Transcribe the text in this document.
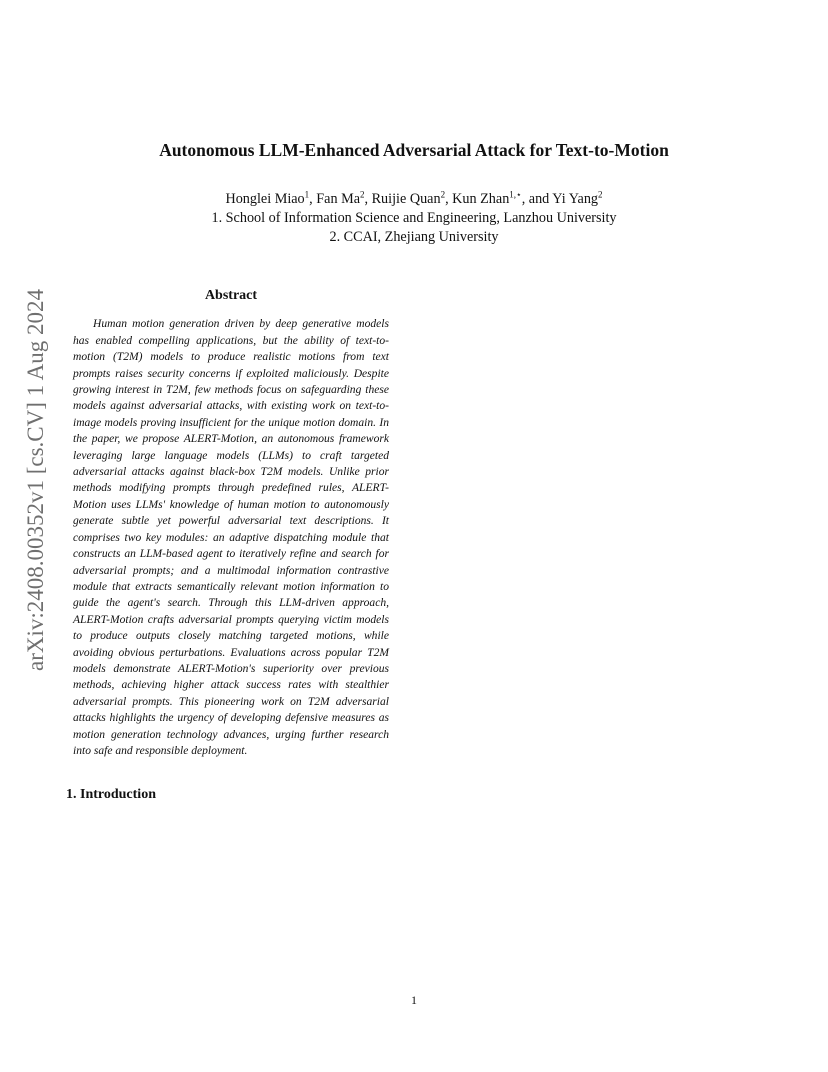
Autonomous LLM-Enhanced Adversarial Attack for Text-to-Motion
Honglei Miao$^1$, Fan Ma$^2$, Ruijie Quan$^2$, Kun Zhan$^{1,⋆}$, and Yi Yang$^2$
1. School of Information Science and Engineering, Lanzhou University
2. CCAI, Zhejiang University
arXiv:2408.00352v1 [cs.CV] 1 Aug 2024	Abstract

Human motion generation driven by deep generative models has enabled compelling applications, but the ability of text-to-motion (T2M) models to produce realistic motions from text prompts raises security concerns if exploited maliciously. Despite growing interest in T2M, few methods focus on safeguarding these models against adversarial attacks, with existing work on text-to-image models proving insufficient for the unique motion domain. In the paper, we propose ALERT-Motion, an autonomous framework leveraging large language models (LLMs) to craft targeted adversarial attacks against black-box T2M models. Unlike prior methods modifying prompts through predefined rules, ALERT-Motion uses LLMs' knowledge of human motion to autonomously generate subtle yet powerful adversarial text descriptions. It comprises two key modules: an adaptive dispatching module that constructs an LLM-based agent to iteratively refine and search for adversarial prompts; and a multimodal information contrastive module that extracts semantically relevant motion information to guide the agent's search. Through this LLM-driven approach, ALERT-Motion crafts adversarial prompts querying victim models to produce outputs closely matching targeted motions, while avoiding obvious perturbations. Evaluations across popular T2M models demonstrate ALERT-Motion's superiority over previous methods, achieving higher attack success rates with stealthier adversarial prompts. This pioneering work on T2M adversarial attacks highlights the urgency of developing defensive measures as motion generation technology advances, urging further research into safe and responsible deployment.

1. Introduction

1
